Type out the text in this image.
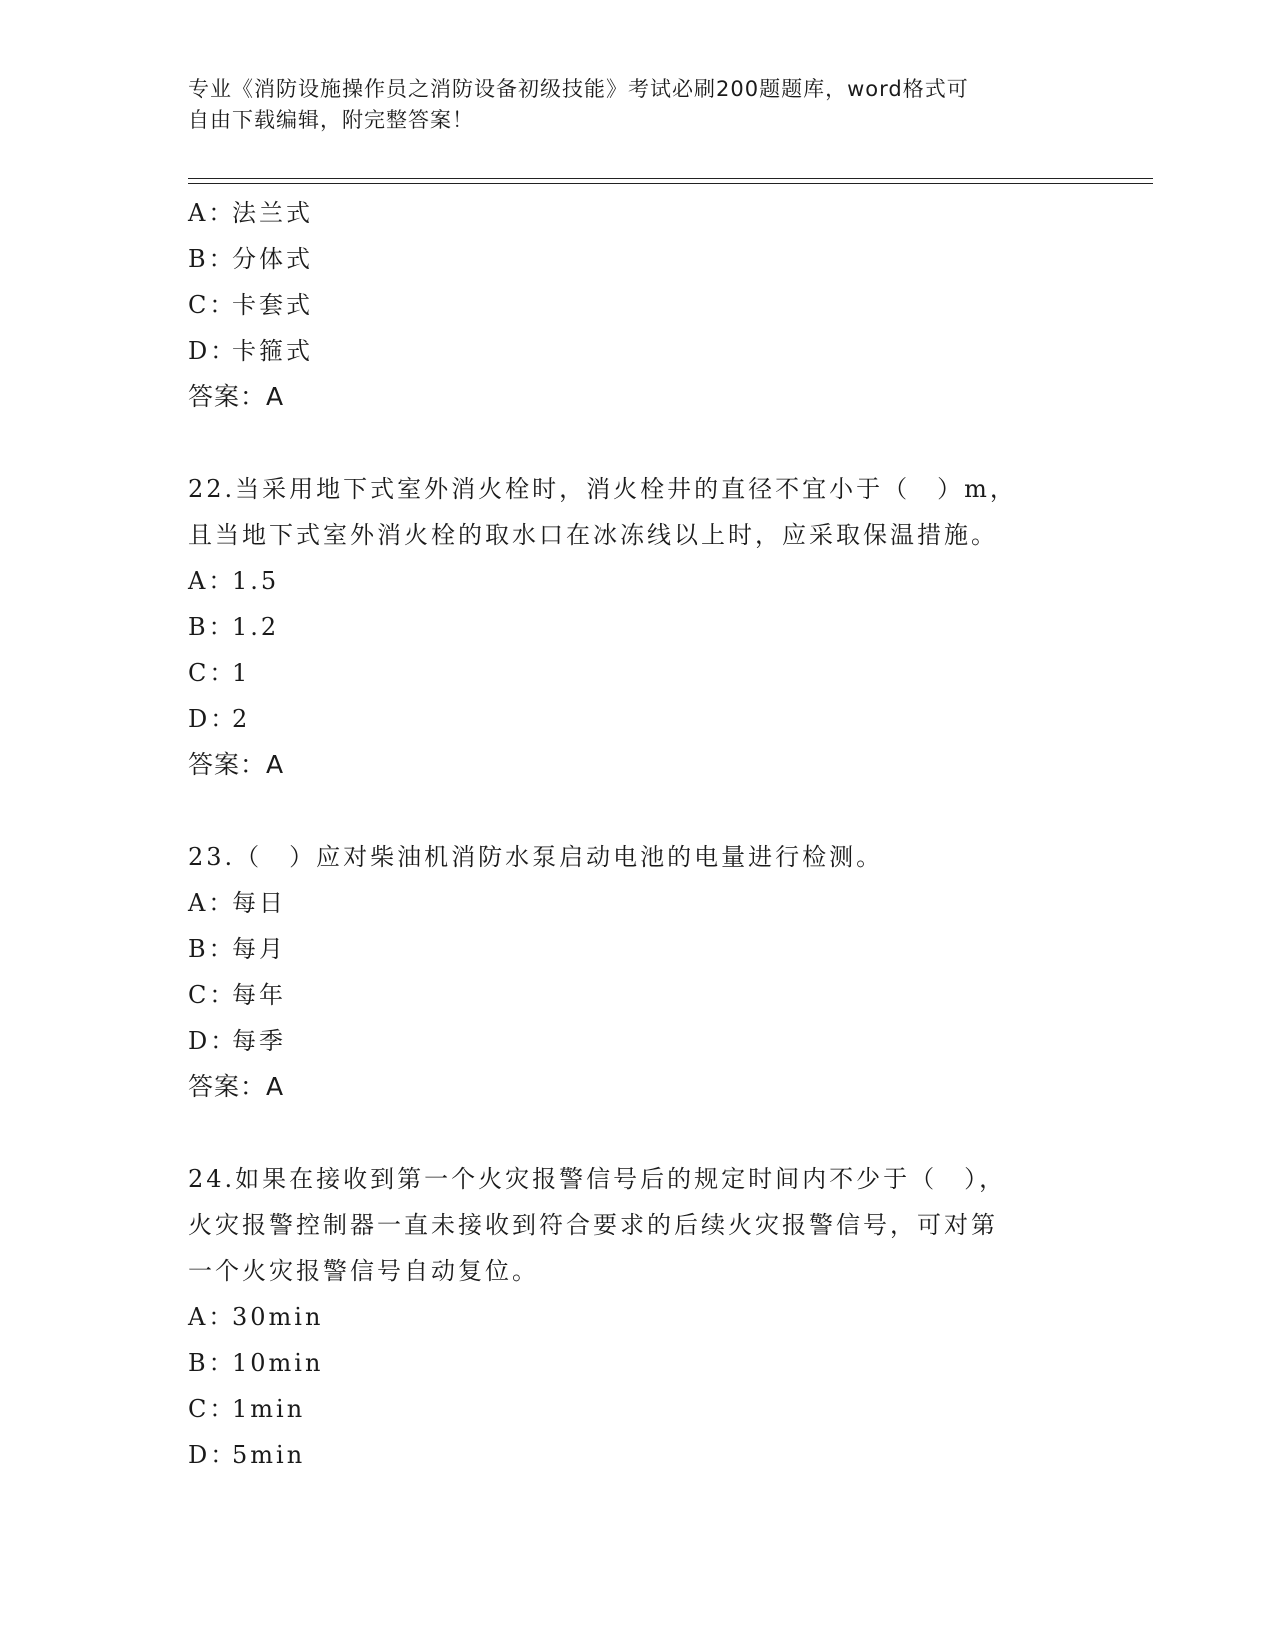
专业《消防设施操作员之消防设备初级技能》考试必刷200题题库，word格式可

自由下载编辑，附完整答案！

A：法兰式
B：分体式
C：卡套式
D：卡箍式
答案：A
22.当采用地下式室外消火栓时，消火栓井的直径不宜小于（　）m，
且当地下式室外消火栓的取水口在冰冻线以上时，应采取保温措施。
A：1.5
B：1.2
C：1
D：2
答案：A
23.（　）应对柴油机消防水泵启动电池的电量进行检测。
A：每日
B：每月
C：每年
D：每季
答案：A
24.如果在接收到第一个火灾报警信号后的规定时间内不少于（　），
火灾报警控制器一直未接收到符合要求的后续火灾报警信号，可对第
一个火灾报警信号自动复位。
A：30min
B：10min
C：1min
D：5min
